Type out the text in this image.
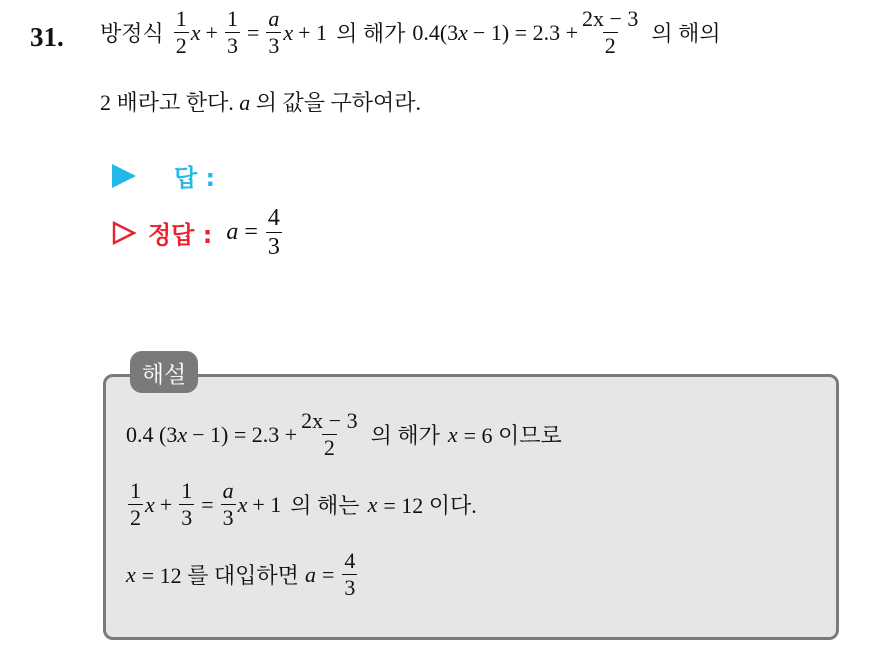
31. 방정식 $\frac{1}{2}$ $x + \frac{1}{3} = \frac{a}{3}$ x + 1 의 해가 0.4(3 $x - 1) = 2.3 + \frac{2x - 3}{2}$ 의 해의
2 배라고 한다. a 의 값을 구하여라.
답 :
정답 : $a = \frac{4}{3}$
해설
0.4 (3 $x - 1) = 2.3 + \frac{2x - 3}{2}$ 의 해가 x = 6 이므로
$\frac{1}{2}$ $x + \frac{1}{3} = \frac{a}{3}$ x + 1 의 해는 x = 12 이다.
x = 12 를 대입하면 $a = \frac{4}{3}$
